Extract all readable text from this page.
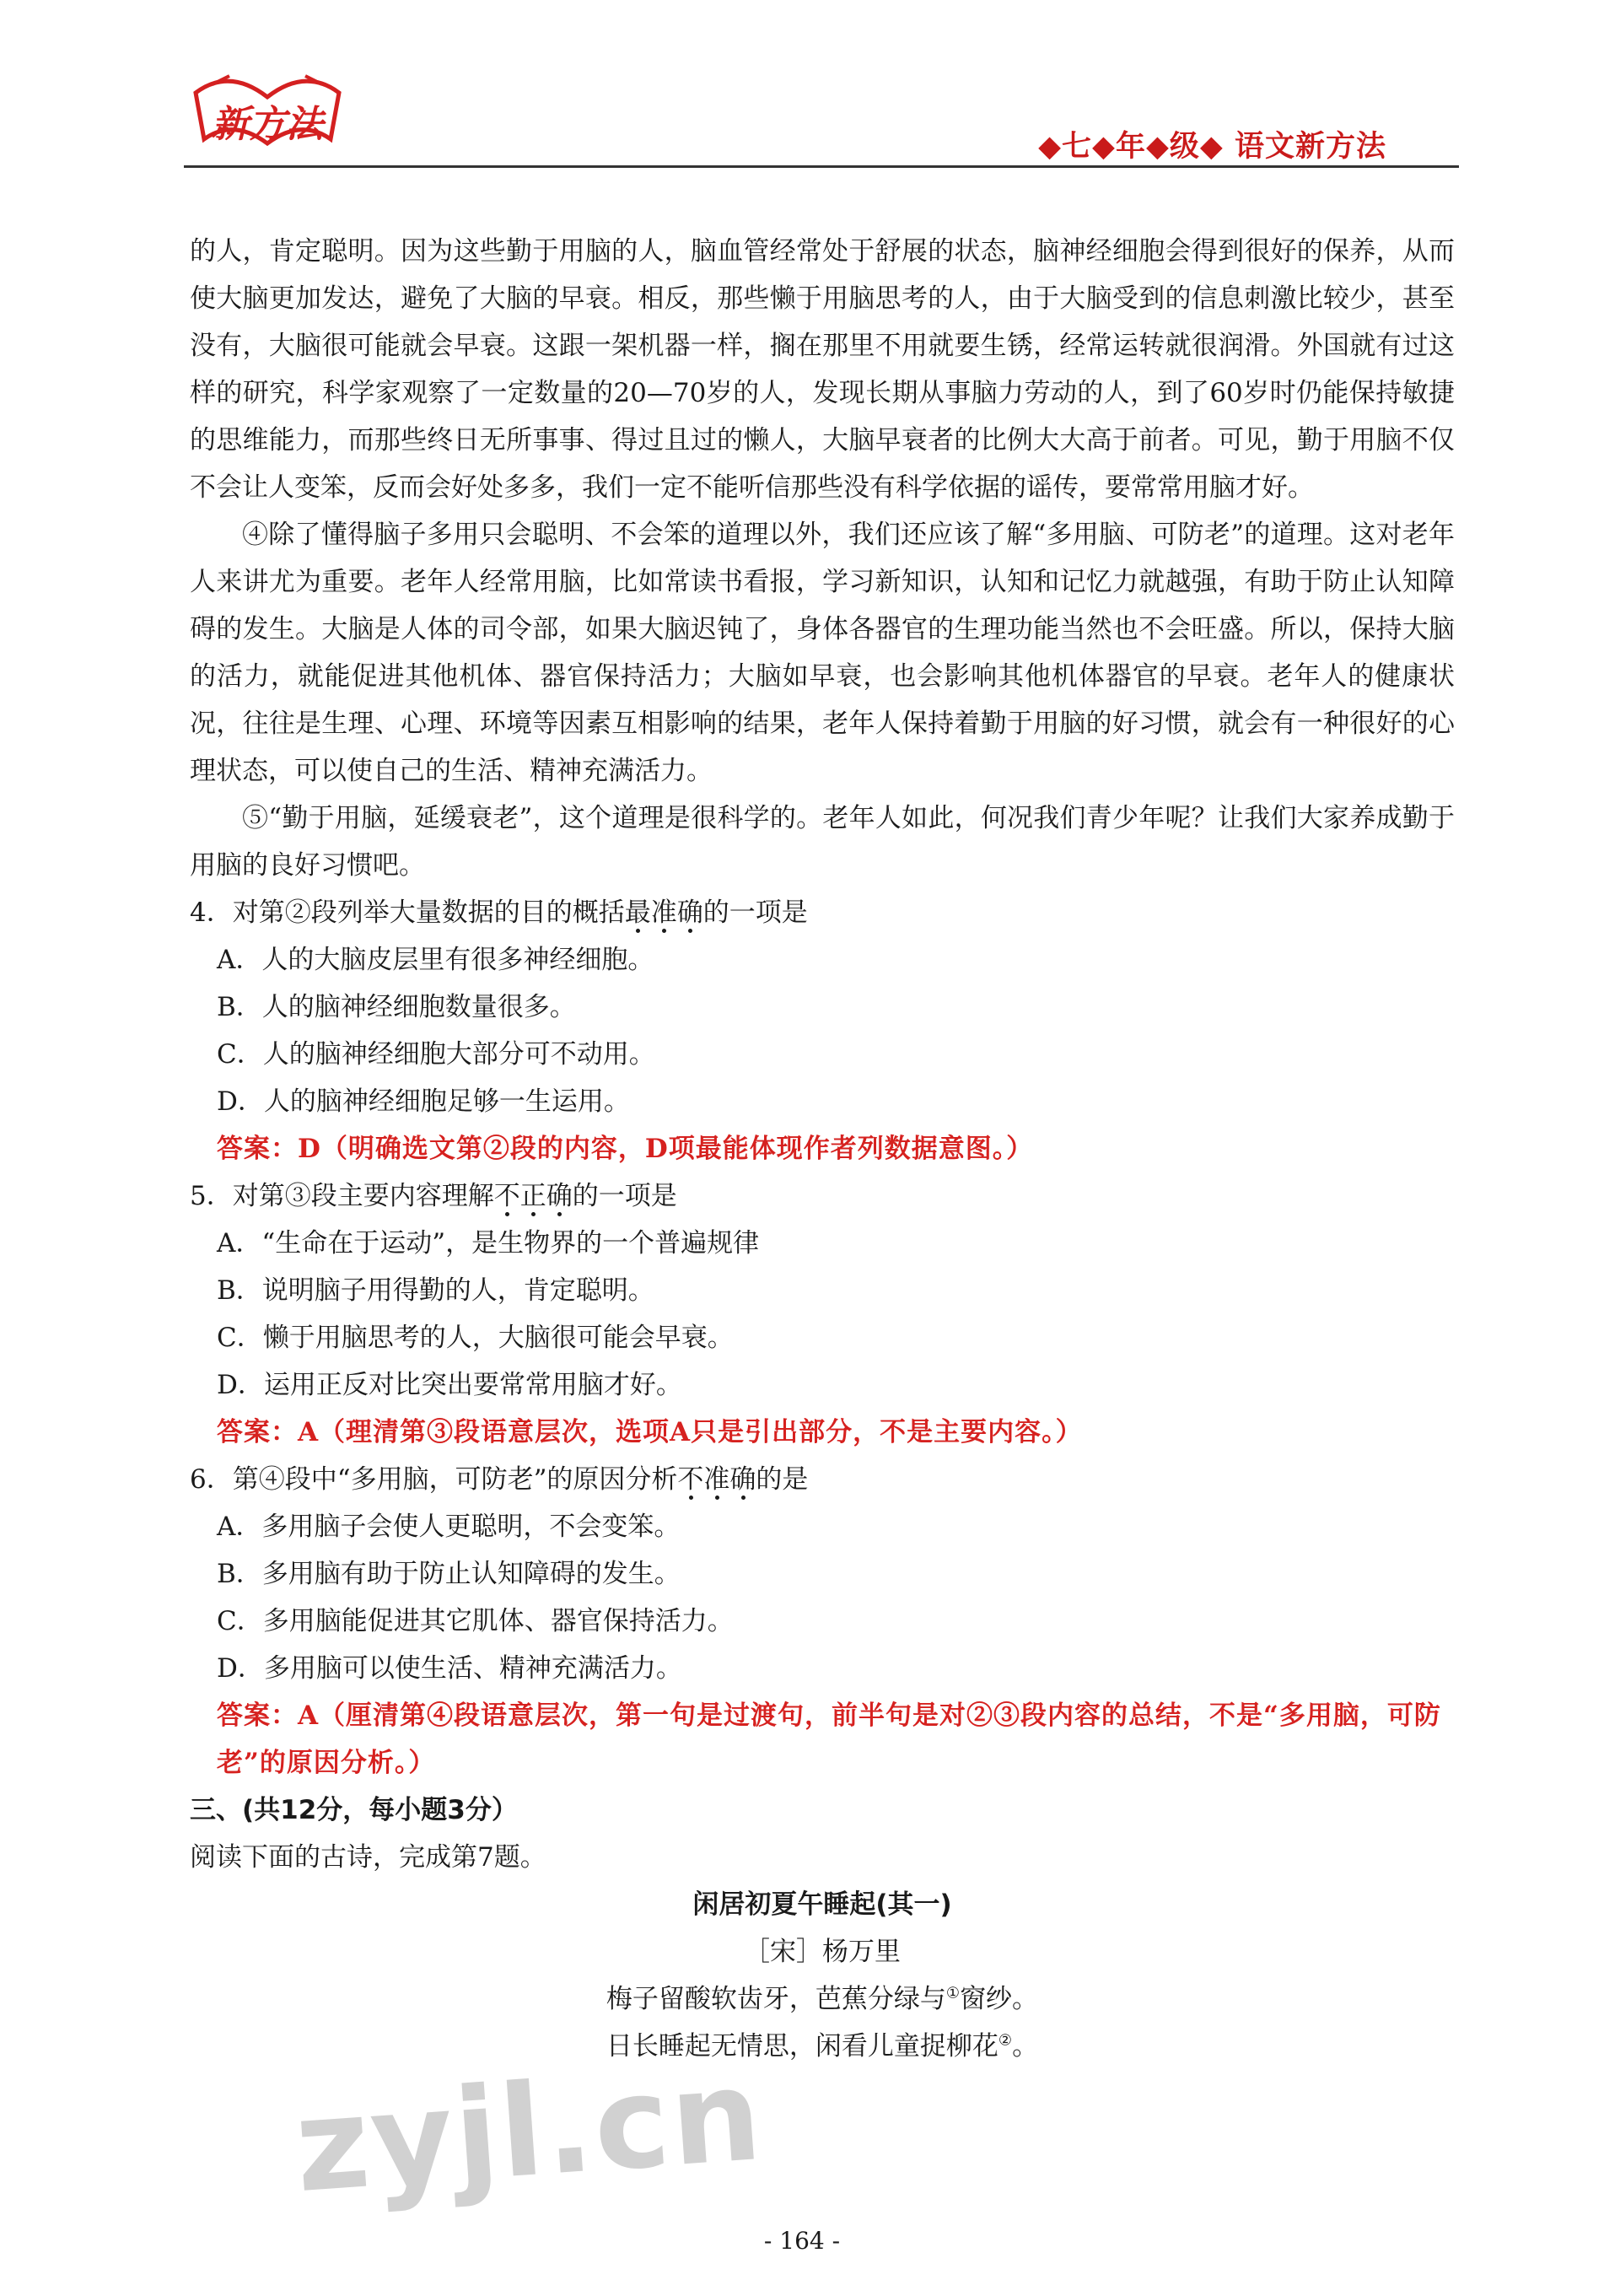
新方法
◆七◆年◆级◆ 语文新方法

的人，肯定聪明。因为这些勤于用脑的人，脑血管经常处于舒展的状态，脑神经细胞会得到很好的保养，从而使大脑更加发达，避免了大脑的早衰。相反，那些懒于用脑思考的人，由于大脑受到的信息刺激比较少，甚至没有，大脑很可能就会早衰。这跟一架机器一样，搁在那里不用就要生锈，经常运转就很润滑。外国就有过这样的研究，科学家观察了一定数量的20—70岁的人，发现长期从事脑力劳动的人，到了60岁时仍能保持敏捷的思维能力，而那些终日无所事事、得过且过的懒人，大脑早衰者的比例大大高于前者。可见，勤于用脑不仅不会让人变笨，反而会好处多多，我们一定不能听信那些没有科学依据的谣传，要常常用脑才好。

④除了懂得脑子多用只会聪明、不会笨的道理以外，我们还应该了解“多用脑、可防老”的道理。这对老年人来讲尤为重要。老年人经常用脑，比如常读书看报，学习新知识，认知和记忆力就越强，有助于防止认知障碍的发生。大脑是人体的司令部，如果大脑迟钝了，身体各器官的生理功能当然也不会旺盛。所以，保持大脑的活力，就能促进其他机体、器官保持活力；大脑如早衰，也会影响其他机体器官的早衰。老年人的健康状况，往往是生理、心理、环境等因素互相影响的结果，老年人保持着勤于用脑的好习惯，就会有一种很好的心理状态，可以使自己的生活、精神充满活力。

⑤“勤于用脑，延缓衰老”，这个道理是很科学的。老年人如此，何况我们青少年呢？让我们大家养成勤于用脑的良好习惯吧。

4．对第②段列举大量数据的目的概括最准确的一项是

A．人的大脑皮层里有很多神经细胞。

B．人的脑神经细胞数量很多。

C．人的脑神经细胞大部分可不动用。

D．人的脑神经细胞足够一生运用。

答案：D（明确选文第②段的内容，D项最能体现作者列数据意图。）

5．对第③段主要内容理解不正确的一项是

A．“生命在于运动”，是生物界的一个普遍规律

B．说明脑子用得勤的人，肯定聪明。

C．懒于用脑思考的人，大脑很可能会早衰。

D．运用正反对比突出要常常用脑才好。

答案：A（理清第③段语意层次，选项A只是引出部分，不是主要内容。）

6．第④段中“多用脑，可防老”的原因分析不准确的是

A．多用脑子会使人更聪明，不会变笨。

B．多用脑有助于防止认知障碍的发生。

C．多用脑能促进其它肌体、器官保持活力。

D．多用脑可以使生活、精神充满活力。

答案：A（厘清第④段语意层次，第一句是过渡句，前半句是对②③段内容的总结，不是“多用脑，可防老”的原因分析。）

三、(共12分，每小题3分）

阅读下面的古诗，完成第7题。

闲居初夏午睡起(其一)

［宋］杨万里

梅子留酸软齿牙，芭蕉分绿与①窗纱。

日长睡起无情思，闲看儿童捉柳花②。

zyjl.cn
- 164 -
